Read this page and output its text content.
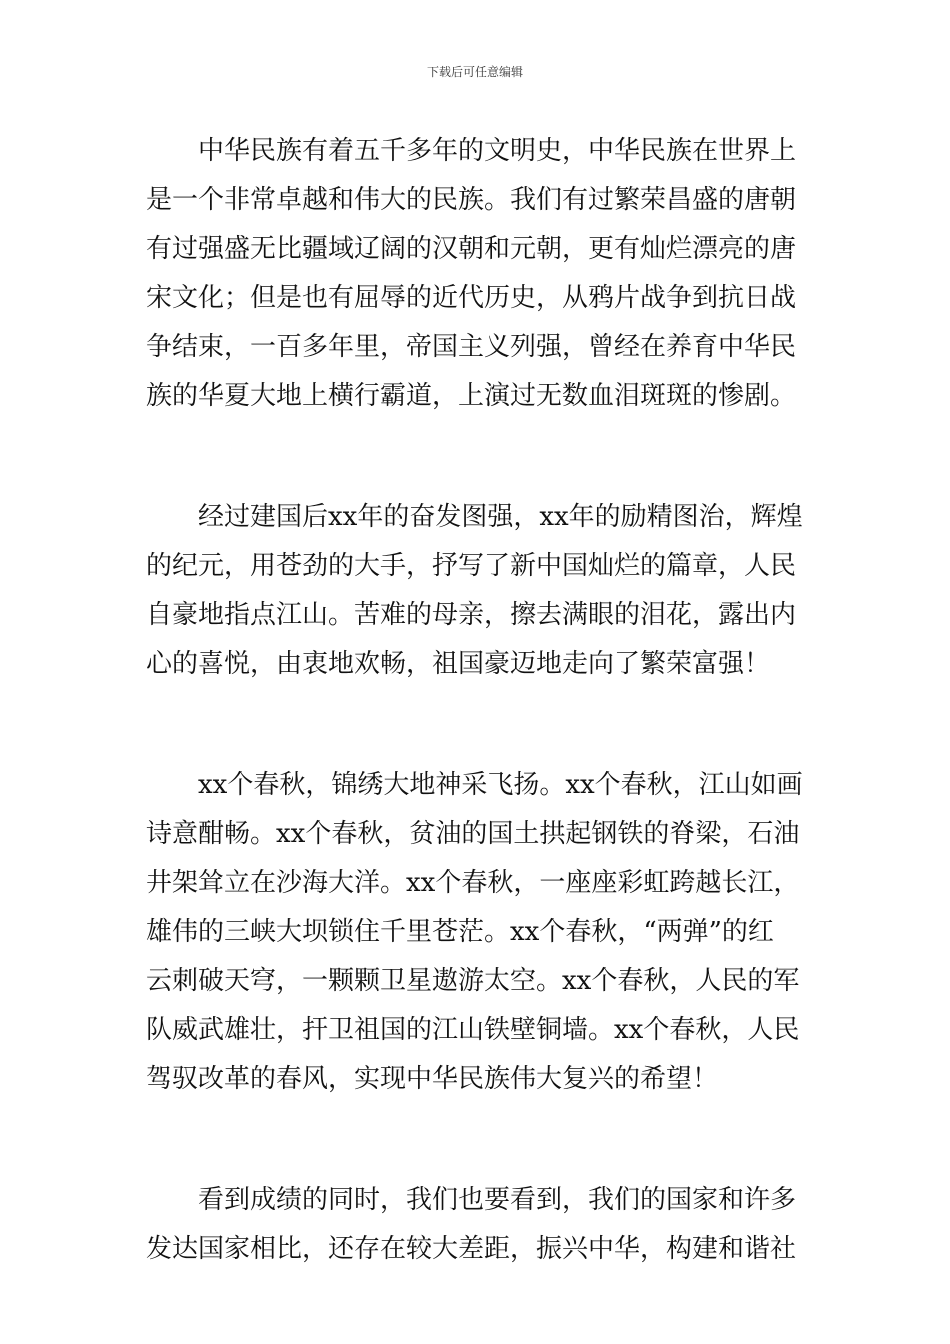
下载后可任意编辑
　　中华民族有着五千多年的文明史，中华民族在世界上
是一个非常卓越和伟大的民族。我们有过繁荣昌盛的唐朝
有过强盛无比疆域辽阔的汉朝和元朝，更有灿烂漂亮的唐
宋文化；但是也有屈辱的近代历史，从鸦片战争到抗日战
争结束，一百多年里，帝国主义列强，曾经在养育中华民
族的华夏大地上横行霸道，上演过无数血泪斑斑的惨剧。
　　经过建国后xx年的奋发图强，xx年的励精图治，辉煌
的纪元，用苍劲的大手，抒写了新中国灿烂的篇章，人民
自豪地指点江山。苦难的母亲，擦去满眼的泪花，露出内
心的喜悦，由衷地欢畅，祖国豪迈地走向了繁荣富强！
　　xx个春秋，锦绣大地神采飞扬。xx个春秋，江山如画
诗意酣畅。xx个春秋，贫油的国土拱起钢铁的脊梁，石油
井架耸立在沙海大洋。xx个春秋，一座座彩虹跨越长江，
雄伟的三峡大坝锁住千里苍茫。xx个春秋，“两弹”的红
云刺破天穹，一颗颗卫星遨游太空。xx个春秋，人民的军
队威武雄壮，扞卫祖国的江山铁壁铜墙。xx个春秋，人民
驾驭改革的春风，实现中华民族伟大复兴的希望！
　　看到成绩的同时，我们也要看到，我们的国家和许多
发达国家相比，还存在较大差距，振兴中华，构建和谐社
